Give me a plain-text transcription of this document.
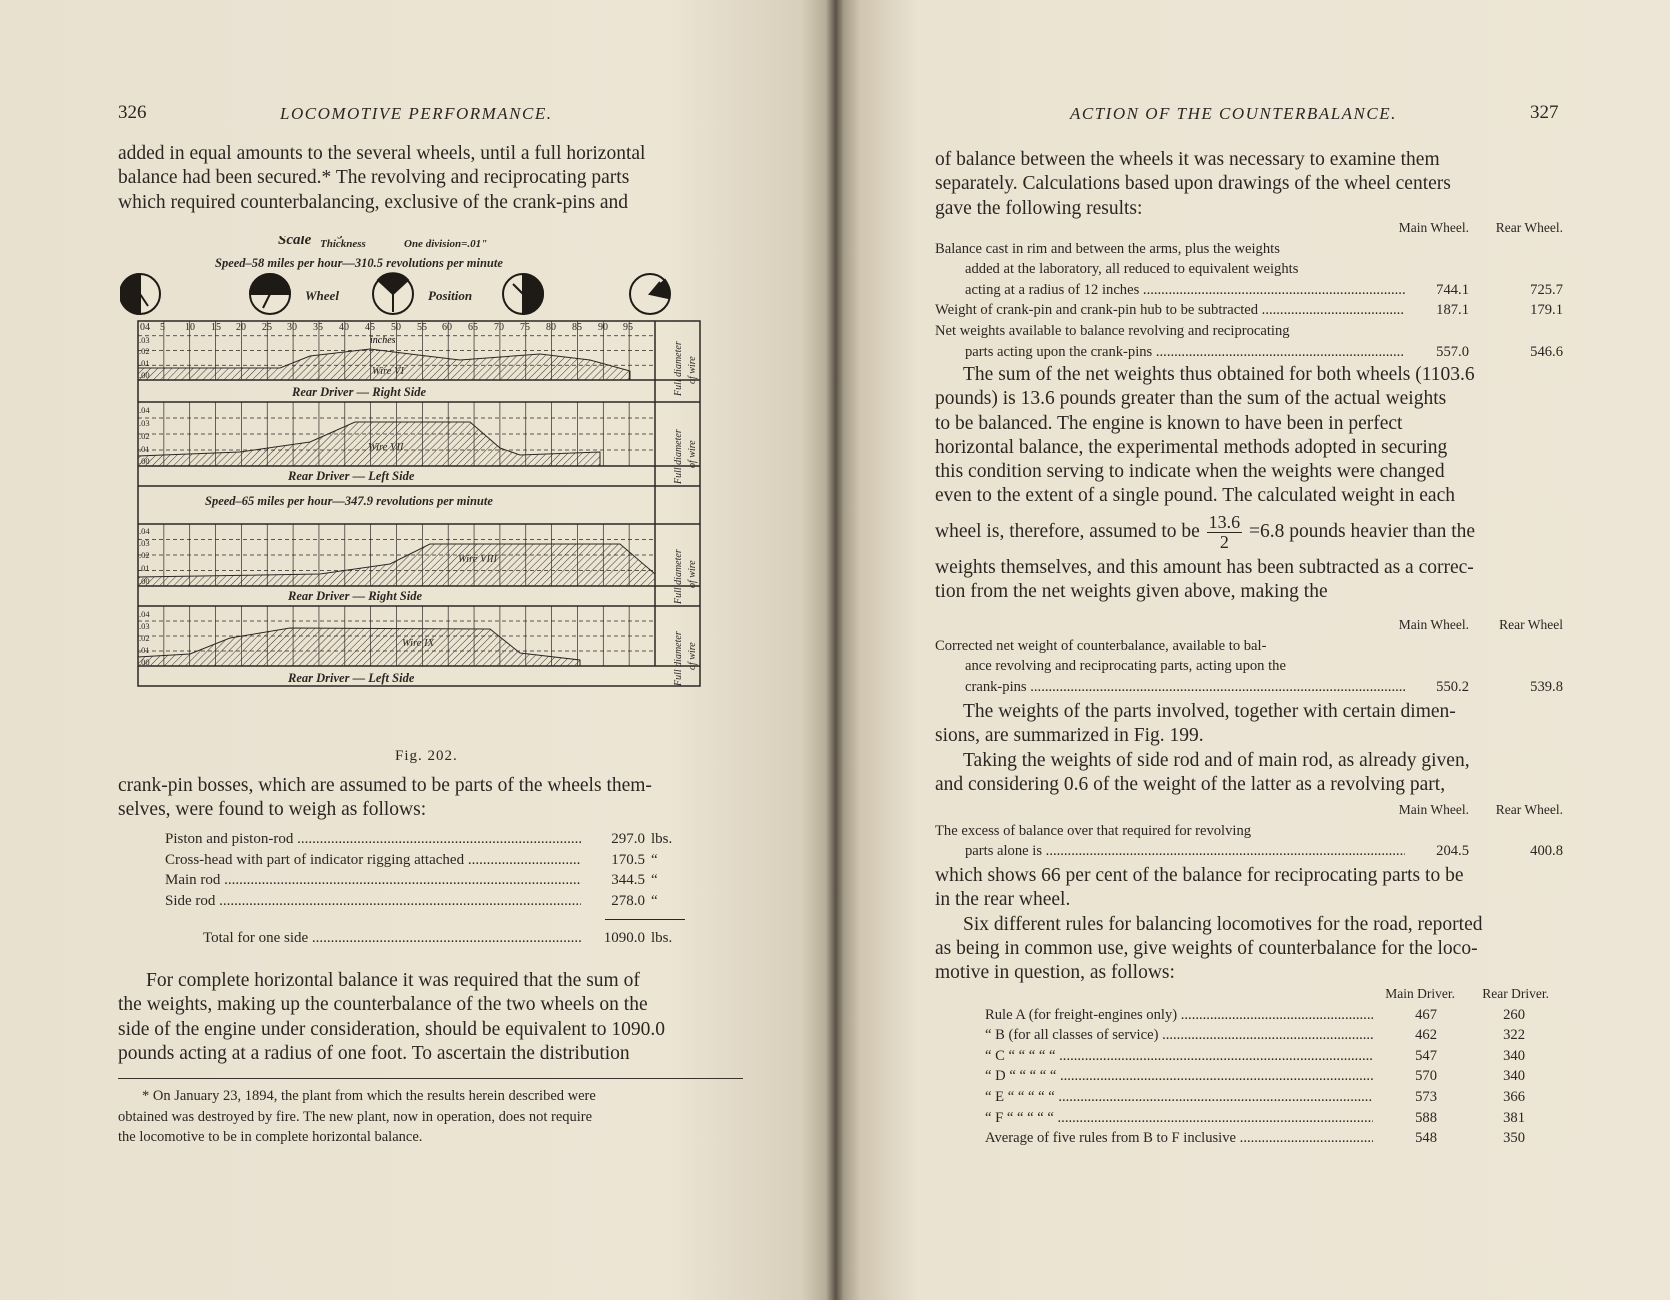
326	LOCOMOTIVE PERFORMANCE.

added in equal amounts to the several wheels, until a full horizontal

balance had been secured.* The revolving and reciprocating parts

which required counterbalancing, exclusive of the crank-pins and

Scale Thickness	One division=.01"
Speed–58 miles per hour—310.5 revolutions per minute
Wheel	Position
04 5 10 15 20 25 30 35 40 45 50 55 60 65 70 75 80 85 90 95
inches
.03
.02
.01
.00
.04
.03
.02
.01
.00
.04
.03
.02
.01
.00
.04
.03
.02
.01
.00
Wire VI
Wire VII
Wire VIII
Wire IX
Rear Driver — Right Side
Rear Driver — Left Side
Rear Driver — Right Side
Rear Driver — Left Side
Speed–65 miles per hour—347.9 revolutions per minute
Full diameter of wire
Full diameter of wire
Full diameter of wire
Full diameter of wire
Fig. 202.

crank-pin bosses, which are assumed to be parts of the wheels them-

selves, were found to weigh as follows:

Piston and piston-rod .....	297.0 lbs.
Cross-head with part of indicator rigging attached .....	170.5 “
Main rod .....	344.5 “
Side rod .....	278.0 “
Total for one side .....	1090.0 lbs.

For complete horizontal balance it was required that the sum of

the weights, making up the counterbalance of the two wheels on the

side of the engine under consideration, should be equivalent to 1090.0

pounds acting at a radius of one foot. To ascertain the distribution

* On January 23, 1894, the plant from which the results herein described were

obtained was destroyed by fire. The new plant, now in operation, does not require

the locomotive to be in complete horizontal balance.

ACTION OF THE COUNTERBALANCE.	327

of balance between the wheels it was necessary to examine them

separately. Calculations based upon drawings of the wheel centers

gave the following results:

Main Wheel.	Rear Wheel.
Balance cast in rim and between the arms, plus the weights
added at the laboratory, all reduced to equivalent weights
acting at a radius of 12 inches .....	744.1	725.7
Weight of crank-pin and crank-pin hub to be subtracted .....	187.1	179.1
Net weights available to balance revolving and reciprocating
parts acting upon the crank-pins .....	557.0	546.6

The sum of the net weights thus obtained for both wheels (1103.6

pounds) is 13.6 pounds greater than the sum of the actual weights

to be balanced. The engine is known to have been in perfect

horizontal balance, the experimental methods adopted in securing

this condition serving to indicate when the weights were changed

even to the extent of a single pound. The calculated weight in each

wheel is, therefore, assumed to be $\frac{13.6}{2} =6.8$ pounds heavier than the

weights themselves, and this amount has been subtracted as a correc-

tion from the net weights given above, making the

Main Wheel.	Rear Wheel
Corrected net weight of counterbalance, available to bal-
ance revolving and reciprocating parts, acting upon the
crank-pins .....	550.2	539.8

The weights of the parts involved, together with certain dimen-

sions, are summarized in Fig. 199.

Taking the weights of side rod and of main rod, as already given,

and considering 0.6 of the weight of the latter as a revolving part,

Main Wheel.	Rear Wheel.
The excess of balance over that required for revolving
parts alone is .....	204.5	400.8

which shows 66 per cent of the balance for reciprocating parts to be

in the rear wheel.

Six different rules for balancing locomotives for the road, reported

as being in common use, give weights of counterbalance for the loco-

motive in question, as follows:

Main Driver.	Rear Driver.
Rule A (for freight-engines only) .....	467	260
“ B (for all classes of service) .....	462	322
“ C “ “ “ “ “ .....	547	340
“ D “ “ “ “ “ .....	570	340
“ E “ “ “ “ “ .....	573	366
“ F “ “ “ “ “ .....	588	381
Average of five rules from B to F inclusive .....	548	350
